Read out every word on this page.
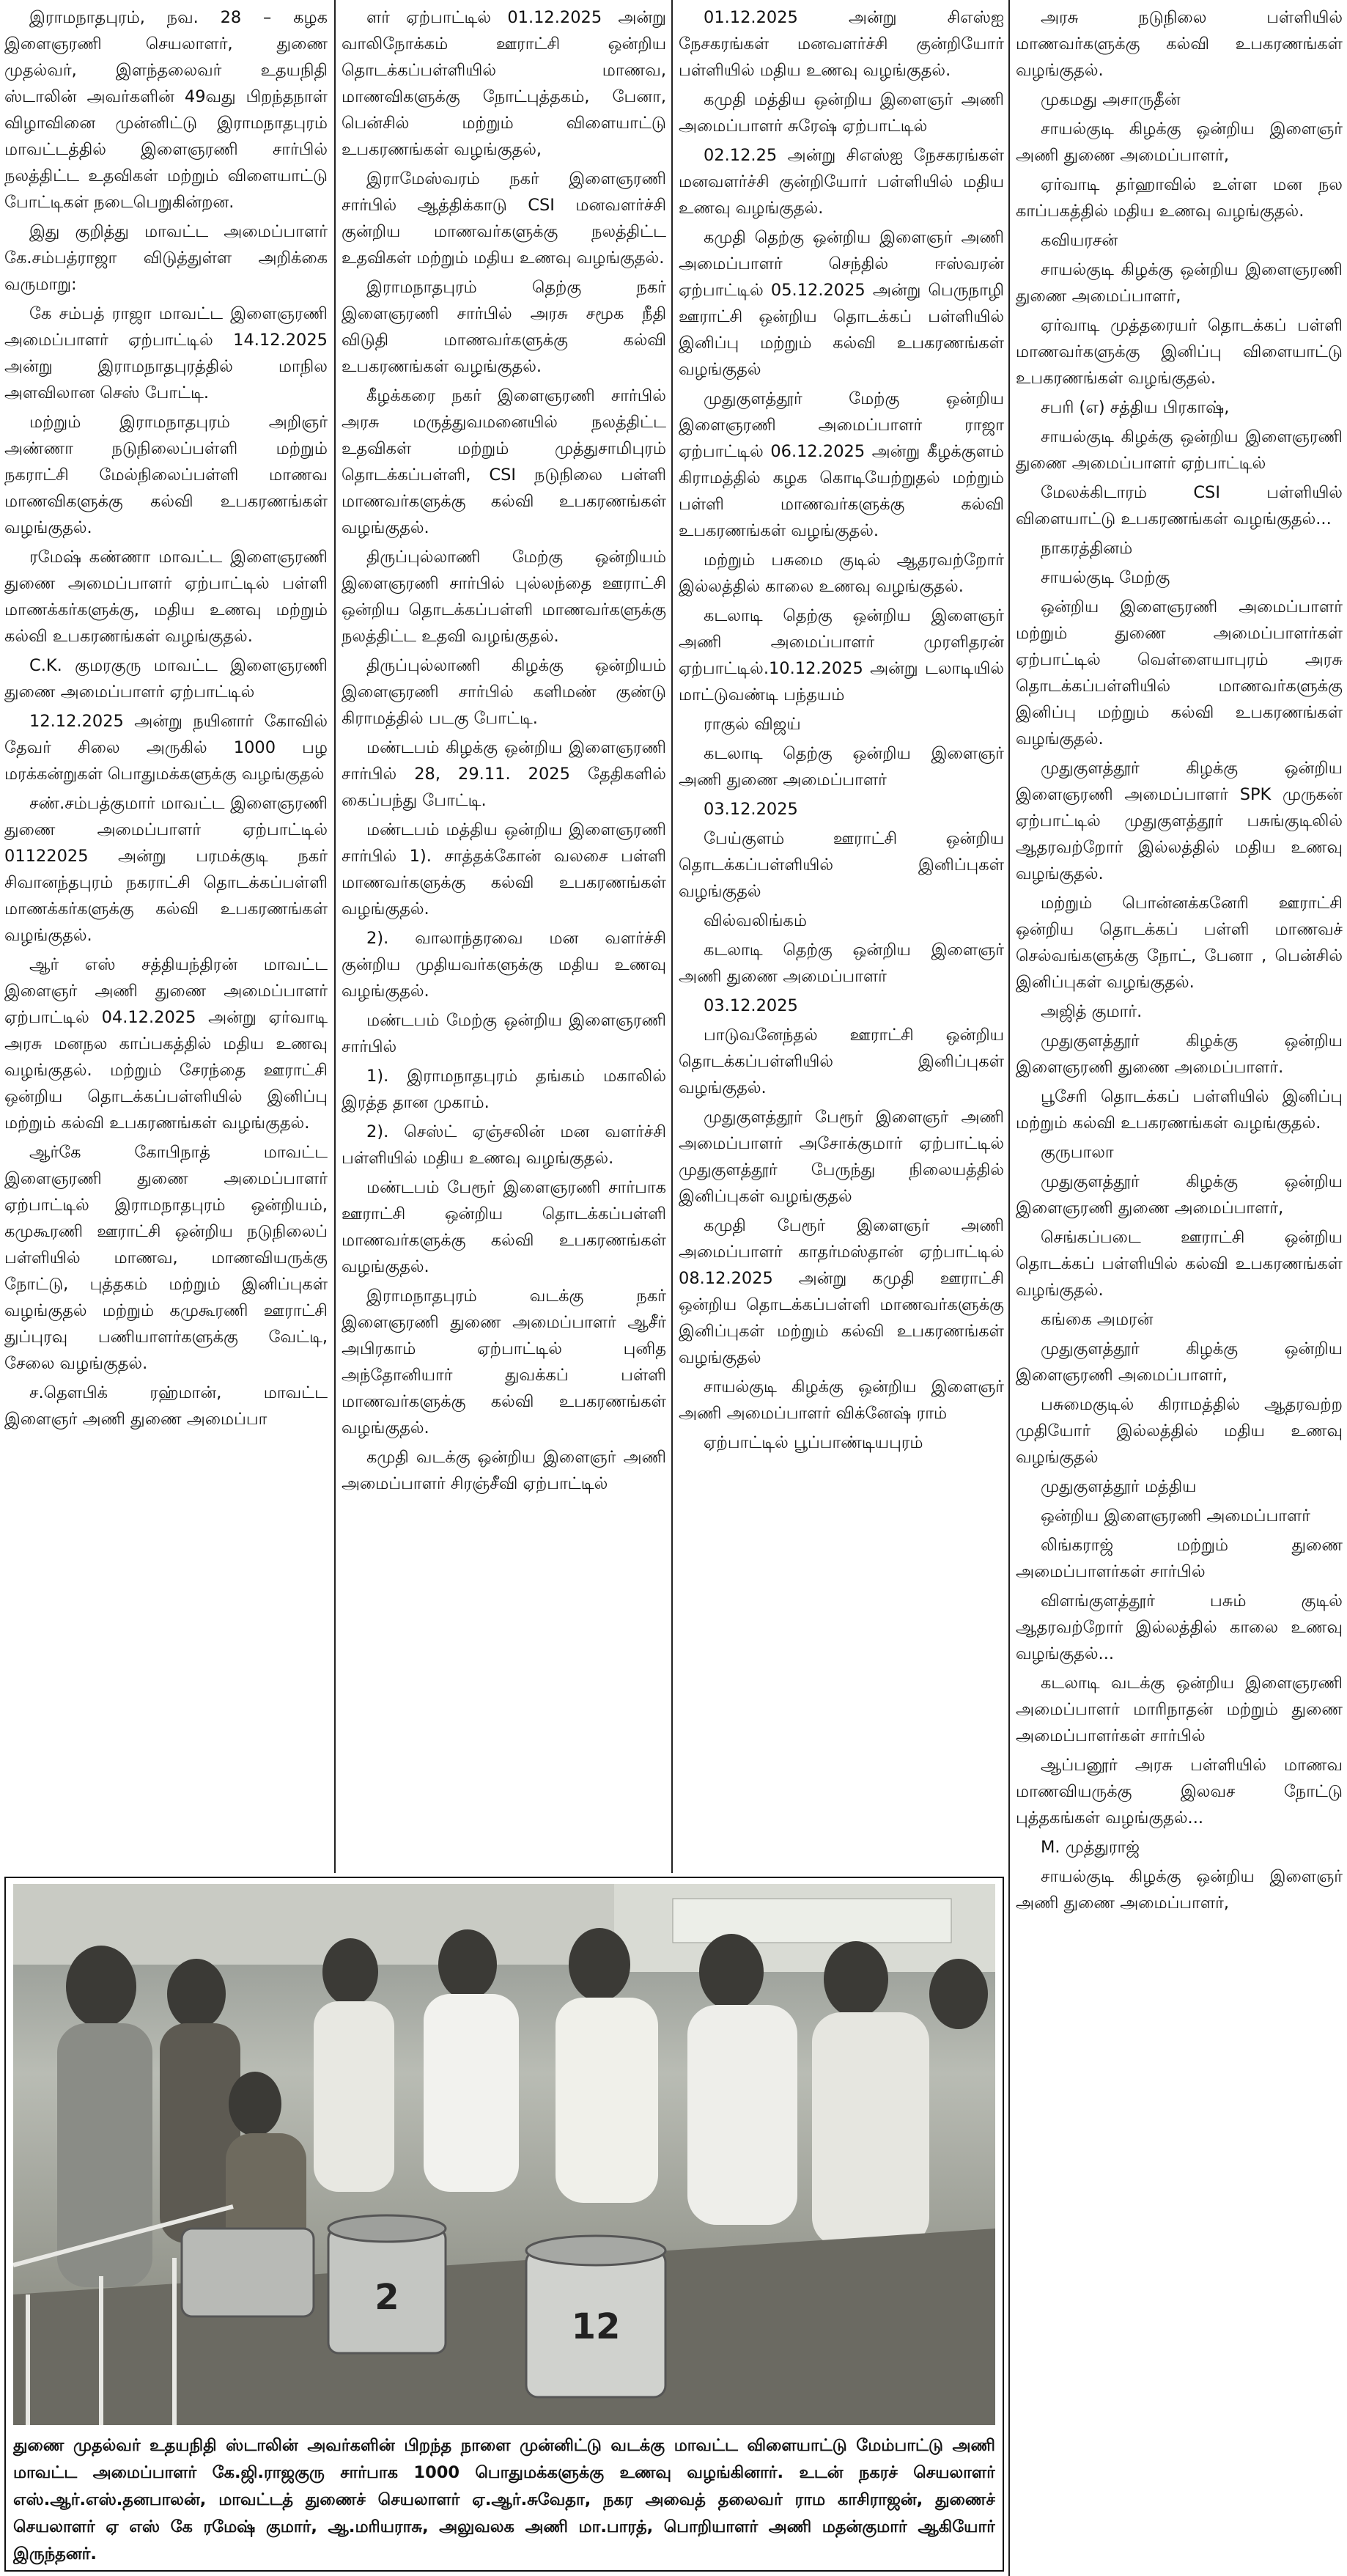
இராமநாதபுரம், நவ. 28 – கழக இளைஞரணி செயலாளர், துணை முதல்வர், இளந்தலைவர் உதயநிதி ஸ்டாலின் அவர்களின் 49வது பிறந்தநாள் விழாவினை முன்னிட்டு இராமநாதபுரம் மாவட்டத்தில் இளைஞரணி சார்பில் நலத்திட்ட உதவிகள் மற்றும் விளையாட்டு போட்டிகள் நடைபெறுகின்றன.

இது குறித்து மாவட்ட அமைப்பாளர் கே.சம்பத்ராஜா விடுத்துள்ள அறிக்கை வருமாறு:

கே சம்பத் ராஜா மாவட்ட இளைஞரணி அமைப்பாளர் ஏற்பாட்டில் 14.12.2025 அன்று இராமநாதபுரத்தில் மாநில அளவிலான செஸ் போட்டி.

மற்றும் இராமநாதபுரம் அறிஞர் அண்ணா நடுநிலைப்பள்ளி மற்றும் நகராட்சி மேல்நிலைப்பள்ளி மாணவ மாணவிகளுக்கு கல்வி உபகரணங்கள் வழங்குதல்.

ரமேஷ் கண்ணா மாவட்ட இளைஞரணி துணை அமைப்பாளர் ஏற்பாட்டில் பள்ளி மாணக்கர்களுக்கு, மதிய உணவு மற்றும் கல்வி உபகரணங்கள் வழங்குதல்.

C.K. குமரகுரு மாவட்ட இளைஞரணி துணை அமைப்பாளர் ஏற்பாட்டில்

12.12.2025 அன்று நயினார் கோவில் தேவர் சிலை அருகில் 1000 பழ மரக்கன்றுகள் பொதுமக்களுக்கு வழங்குதல்

சண்.சம்பத்குமார் மாவட்ட இளைஞரணி துணை அமைப்பாளர் ஏற்பாட்டில் 01122025 அன்று பரமக்குடி நகர் சிவானந்தபுரம் நகராட்சி தொடக்கப்பள்ளி மாணக்கர்களுக்கு கல்வி உபகரணங்கள் வழங்குதல்.

ஆர் எஸ் சத்தியந்திரன் மாவட்ட இளைஞர் அணி துணை அமைப்பாளர் ஏற்பாட்டில் 04.12.2025 அன்று ஏர்வாடி அரசு மனநல காப்பகத்தில் மதிய உணவு வழங்குதல். மற்றும் சேரந்தை ஊராட்சி ஒன்றிய தொடக்கப்பள்ளியில் இனிப்பு மற்றும் கல்வி உபகரணங்கள் வழங்குதல்.

ஆர்கே கோபிநாத் மாவட்ட இளைஞரணி துணை அமைப்பாளர் ஏற்பாட்டில் இராமநாதபுரம் ஒன்றியம், கமுகூரணி ஊராட்சி ஒன்றிய நடுநிலைப் பள்ளியில் மாணவ, மாணவியருக்கு நோட்டு, புத்தகம் மற்றும் இனிப்புகள் வழங்குதல் மற்றும் கமுகூரணி ஊராட்சி துப்புரவு பணியாளர்களுக்கு வேட்டி, சேலை வழங்குதல்.

ச.தௌபிக் ரஹ்மான், மாவட்ட இளைஞர் அணி துணை அமைப்பா

ளர் ஏற்பாட்டில் 01.12.2025 அன்று வாலிநோக்கம் ஊராட்சி ஒன்றிய தொடக்கப்பள்ளியில் மாணவ, மாணவிகளுக்கு நோட்புத்தகம், பேனா, பென்சில் மற்றும் விளையாட்டு உபகரணங்கள் வழங்குதல்,

இராமேஸ்வரம் நகர் இளைஞரணி சார்பில் ஆத்திக்காடு CSI மனவளர்ச்சி குன்றிய மாணவர்களுக்கு நலத்திட்ட உதவிகள் மற்றும் மதிய உணவு வழங்குதல்.

இராமநாதபுரம் தெற்கு நகர் இளைஞரணி சார்பில் அரசு சமூக நீதி விடுதி மாணவர்களுக்கு கல்வி உபகரணங்கள் வழங்குதல்.

கீழக்கரை நகர் இளைஞரணி சார்பில் அரசு மருத்துவமனையில் நலத்திட்ட உதவிகள் மற்றும் முத்துசாமிபுரம் தொடக்கப்பள்ளி, CSI நடுநிலை பள்ளி மாணவர்களுக்கு கல்வி உபகரணங்கள் வழங்குதல்.

திருப்புல்லாணி மேற்கு ஒன்றியம் இளைஞரணி சார்பில் புல்லந்தை ஊராட்சி ஒன்றிய தொடக்கப்பள்ளி மாணவர்களுக்கு நலத்திட்ட உதவி வழங்குதல்.

திருப்புல்லாணி கிழக்கு ஒன்றியம் இளைஞரணி சார்பில் களிமண் குண்டு கிராமத்தில் படகு போட்டி.

மண்டபம் கிழக்கு ஒன்றிய இளைஞரணி சார்பில் 28, 29.11. 2025 தேதிகளில் கைப்பந்து போட்டி.

மண்டபம் மத்திய ஒன்றிய இளைஞரணி சார்பில் 1). சாத்தக்கோன் வலசை பள்ளி மாணவர்களுக்கு கல்வி உபகரணங்கள் வழங்குதல்.

2). வாலாந்தரவை மன வளர்ச்சி குன்றிய முதியவர்களுக்கு மதிய உணவு வழங்குதல்.

மண்டபம் மேற்கு ஒன்றிய இளைஞரணி சார்பில்

1). இராமநாதபுரம் தங்கம் மகாலில் இரத்த தான முகாம்.

2). செஸ்ட் ஏஞ்சலின் மன வளர்ச்சி பள்ளியில் மதிய உணவு வழங்குதல்.

மண்டபம் பேரூர் இளைஞரணி சார்பாக ஊராட்சி ஒன்றிய தொடக்கப்பள்ளி மாணவர்களுக்கு கல்வி உபகரணங்கள் வழங்குதல்.

இராமநாதபுரம் வடக்கு நகர் இளைஞரணி துணை அமைப்பாளர் ஆசீர் அபிரகாம் ஏற்பாட்டில் புனித அந்தோனியார் துவக்கப் பள்ளி மாணவர்களுக்கு கல்வி உபகரணங்கள் வழங்குதல்.

கமுதி வடக்கு ஒன்றிய இளைஞர் அணி அமைப்பாளர் சிரஞ்சீவி ஏற்பாட்டில்

01.12.2025 அன்று சிஎஸ்ஐ நேசகரங்கள் மனவளர்ச்சி குன்றியோர் பள்ளியில் மதிய உணவு வழங்குதல்.

கமுதி மத்திய ஒன்றிய இளைஞர் அணி அமைப்பாளர் சுரேஷ் ஏற்பாட்டில்

02.12.25 அன்று சிஎஸ்ஐ நேசகரங்கள் மனவளர்ச்சி குன்றியோர் பள்ளியில் மதிய உணவு வழங்குதல்.

கமுதி தெற்கு ஒன்றிய இளைஞர் அணி அமைப்பாளர் செந்தில் ஈஸ்வரன் ஏற்பாட்டில் 05.12.2025 அன்று பெருநாழி ஊராட்சி ஒன்றிய தொடக்கப் பள்ளியில் இனிப்பு மற்றும் கல்வி உபகரணங்கள் வழங்குதல்

முதுகுளத்தூர் மேற்கு ஒன்றிய இளைஞரணி அமைப்பாளர் ராஜா ஏற்பாட்டில் 06.12.2025 அன்று கீழக்குளம் கிராமத்தில் கழக கொடியேற்றுதல் மற்றும் பள்ளி மாணவர்களுக்கு கல்வி உபகரணங்கள் வழங்குதல்.

மற்றும் பசுமை குடில் ஆதரவற்றோர் இல்லத்தில் காலை உணவு வழங்குதல்.

கடலாடி தெற்கு ஒன்றிய இளைஞர் அணி அமைப்பாளர் முரளிதரன் ஏற்பாட்டில்.10.12.2025 அன்று டலாடியில் மாட்டுவண்டி பந்தயம்

ராகுல் விஜய்

கடலாடி தெற்கு ஒன்றிய இளைஞர் அணி துணை அமைப்பாளர்

03.12.2025

பேய்குளம் ஊராட்சி ஒன்றிய தொடக்கப்பள்ளியில் இனிப்புகள் வழங்குதல்

வில்வலிங்கம்

கடலாடி தெற்கு ஒன்றிய இளைஞர் அணி துணை அமைப்பாளர்

03.12.2025

பாடுவனேந்தல் ஊராட்சி ஒன்றிய தொடக்கப்பள்ளியில் இனிப்புகள் வழங்குதல்.

முதுகுளத்தூர் பேரூர் இளைஞர் அணி அமைப்பாளர் அசோக்குமார் ஏற்பாட்டில் முதுகுளத்தூர் பேருந்து நிலையத்தில் இனிப்புகள் வழங்குதல்

கமுதி பேரூர் இளைஞர் அணி அமைப்பாளர் காதர்மஸ்தான் ஏற்பாட்டில் 08.12.2025 அன்று கமுதி ஊராட்சி ஒன்றிய தொடக்கப்பள்ளி மாணவர்களுக்கு இனிப்புகள் மற்றும் கல்வி உபகரணங்கள் வழங்குதல்

சாயல்குடி கிழக்கு ஒன்றிய இளைஞர் அணி அமைப்பாளர் விக்னேஷ் ராம்

ஏற்பாட்டில் பூப்பாண்டியபுரம்

அரசு நடுநிலை பள்ளியில் மாணவர்களுக்கு கல்வி உபகரணங்கள் வழங்குதல்.

முகமது அசாருதீன்

சாயல்குடி கிழக்கு ஒன்றிய இளைஞர் அணி துணை அமைப்பாளர்,

ஏர்வாடி தர்ஹாவில் உள்ள மன நல காப்பகத்தில் மதிய உணவு வழங்குதல்.

கவியரசன்

சாயல்குடி கிழக்கு ஒன்றிய இளைஞரணி துணை அமைப்பாளர்,

ஏர்வாடி முத்தரையர் தொடக்கப் பள்ளி மாணவர்களுக்கு இனிப்பு விளையாட்டு உபகரணங்கள் வழங்குதல்.

சபரி (எ) சத்திய பிரகாஷ்,

சாயல்குடி கிழக்கு ஒன்றிய இளைஞரணி துணை அமைப்பாளர் ஏற்பாட்டில்

மேலக்கிடாரம் CSI பள்ளியில் விளையாட்டு உபகரணங்கள் வழங்குதல்...

நாகரத்தினம்

சாயல்குடி மேற்கு

ஒன்றிய இளைஞரணி அமைப்பாளர் மற்றும் துணை அமைப்பாளர்கள் ஏற்பாட்டில் வெள்ளையாபுரம் அரசு தொடக்கப்பள்ளியில் மாணவர்களுக்கு இனிப்பு மற்றும் கல்வி உபகரணங்கள் வழங்குதல்.

முதுகுளத்தூர் கிழக்கு ஒன்றிய இளைஞரணி அமைப்பாளர் SPK முருகன் ஏற்பாட்டில் முதுகுளத்தூர் பசுங்குடிலில் ஆதரவற்றோர் இல்லத்தில் மதிய உணவு வழங்குதல்.

மற்றும் பொன்னக்கனேரி ஊராட்சி ஒன்றிய தொடக்கப் பள்ளி மாணவச் செல்வங்களுக்கு நோட், பேனா , பென்சில் இனிப்புகள் வழங்குதல்.

அஜித் குமார்.

முதுகுளத்தூர் கிழக்கு ஒன்றிய இளைஞரணி துணை அமைப்பாளர்.

பூசேரி தொடக்கப் பள்ளியில் இனிப்பு மற்றும் கல்வி உபகரணங்கள் வழங்குதல்.

குருபாலா

முதுகுளத்தூர் கிழக்கு ஒன்றிய இளைஞரணி துணை அமைப்பாளர்,

செங்கப்படை ஊராட்சி ஒன்றிய தொடக்கப் பள்ளியில் கல்வி உபகரணங்கள் வழங்குதல்.

கங்கை அமரன்

முதுகுளத்தூர் கிழக்கு ஒன்றிய இளைஞரணி அமைப்பாளர்,

பசுமைகுடில் கிராமத்தில் ஆதரவற்ற முதியோர் இல்லத்தில் மதிய உணவு வழங்குதல்

முதுகுளத்தூர் மத்திய

ஒன்றிய இளைஞரணி அமைப்பாளர்

லிங்கராஜ் மற்றும் துணை அமைப்பாளர்கள் சார்பில்

விளங்குளத்தூர் பசும் குடில் ஆதரவற்றோர் இல்லத்தில் காலை உணவு வழங்குதல்...

கடலாடி வடக்கு ஒன்றிய இளைஞரணி அமைப்பாளர் மாரிநாதன் மற்றும் துணை அமைப்பாளர்கள் சார்பில்

ஆப்பனூர் அரசு பள்ளியில் மாணவ மாணவியருக்கு இலவச நோட்டு புத்தகங்கள் வழங்குதல்...

M. முத்துராஜ்

சாயல்குடி கிழக்கு ஒன்றிய இளைஞர் அணி துணை அமைப்பாளர்,

2
12
துணை முதல்வர் உதயநிதி ஸ்டாலின் அவர்களின் பிறந்த நாளை முன்னிட்டு வடக்கு மாவட்ட விளையாட்டு மேம்பாட்டு அணி மாவட்ட அமைப்பாளர் கே.ஜி.ராஜகுரு சார்பாக 1000 பொதுமக்களுக்கு உணவு வழங்கினார். உடன் நகரச் செயலாளர் எஸ்.ஆர்.எஸ்.தனபாலன், மாவட்டத் துணைச் செயலாளர் ஏ.ஆர்.சுவேதா, நகர அவைத் தலைவர் ராம காசிராஜன், துணைச் செயலாளர் ஏ எஸ் கே ரமேஷ் குமார், ஆ.மரியராசு, அலுவலக அணி மா.பாரத், பொறியாளர் அணி மதன்குமார் ஆகியோர் இருந்தனர்.
